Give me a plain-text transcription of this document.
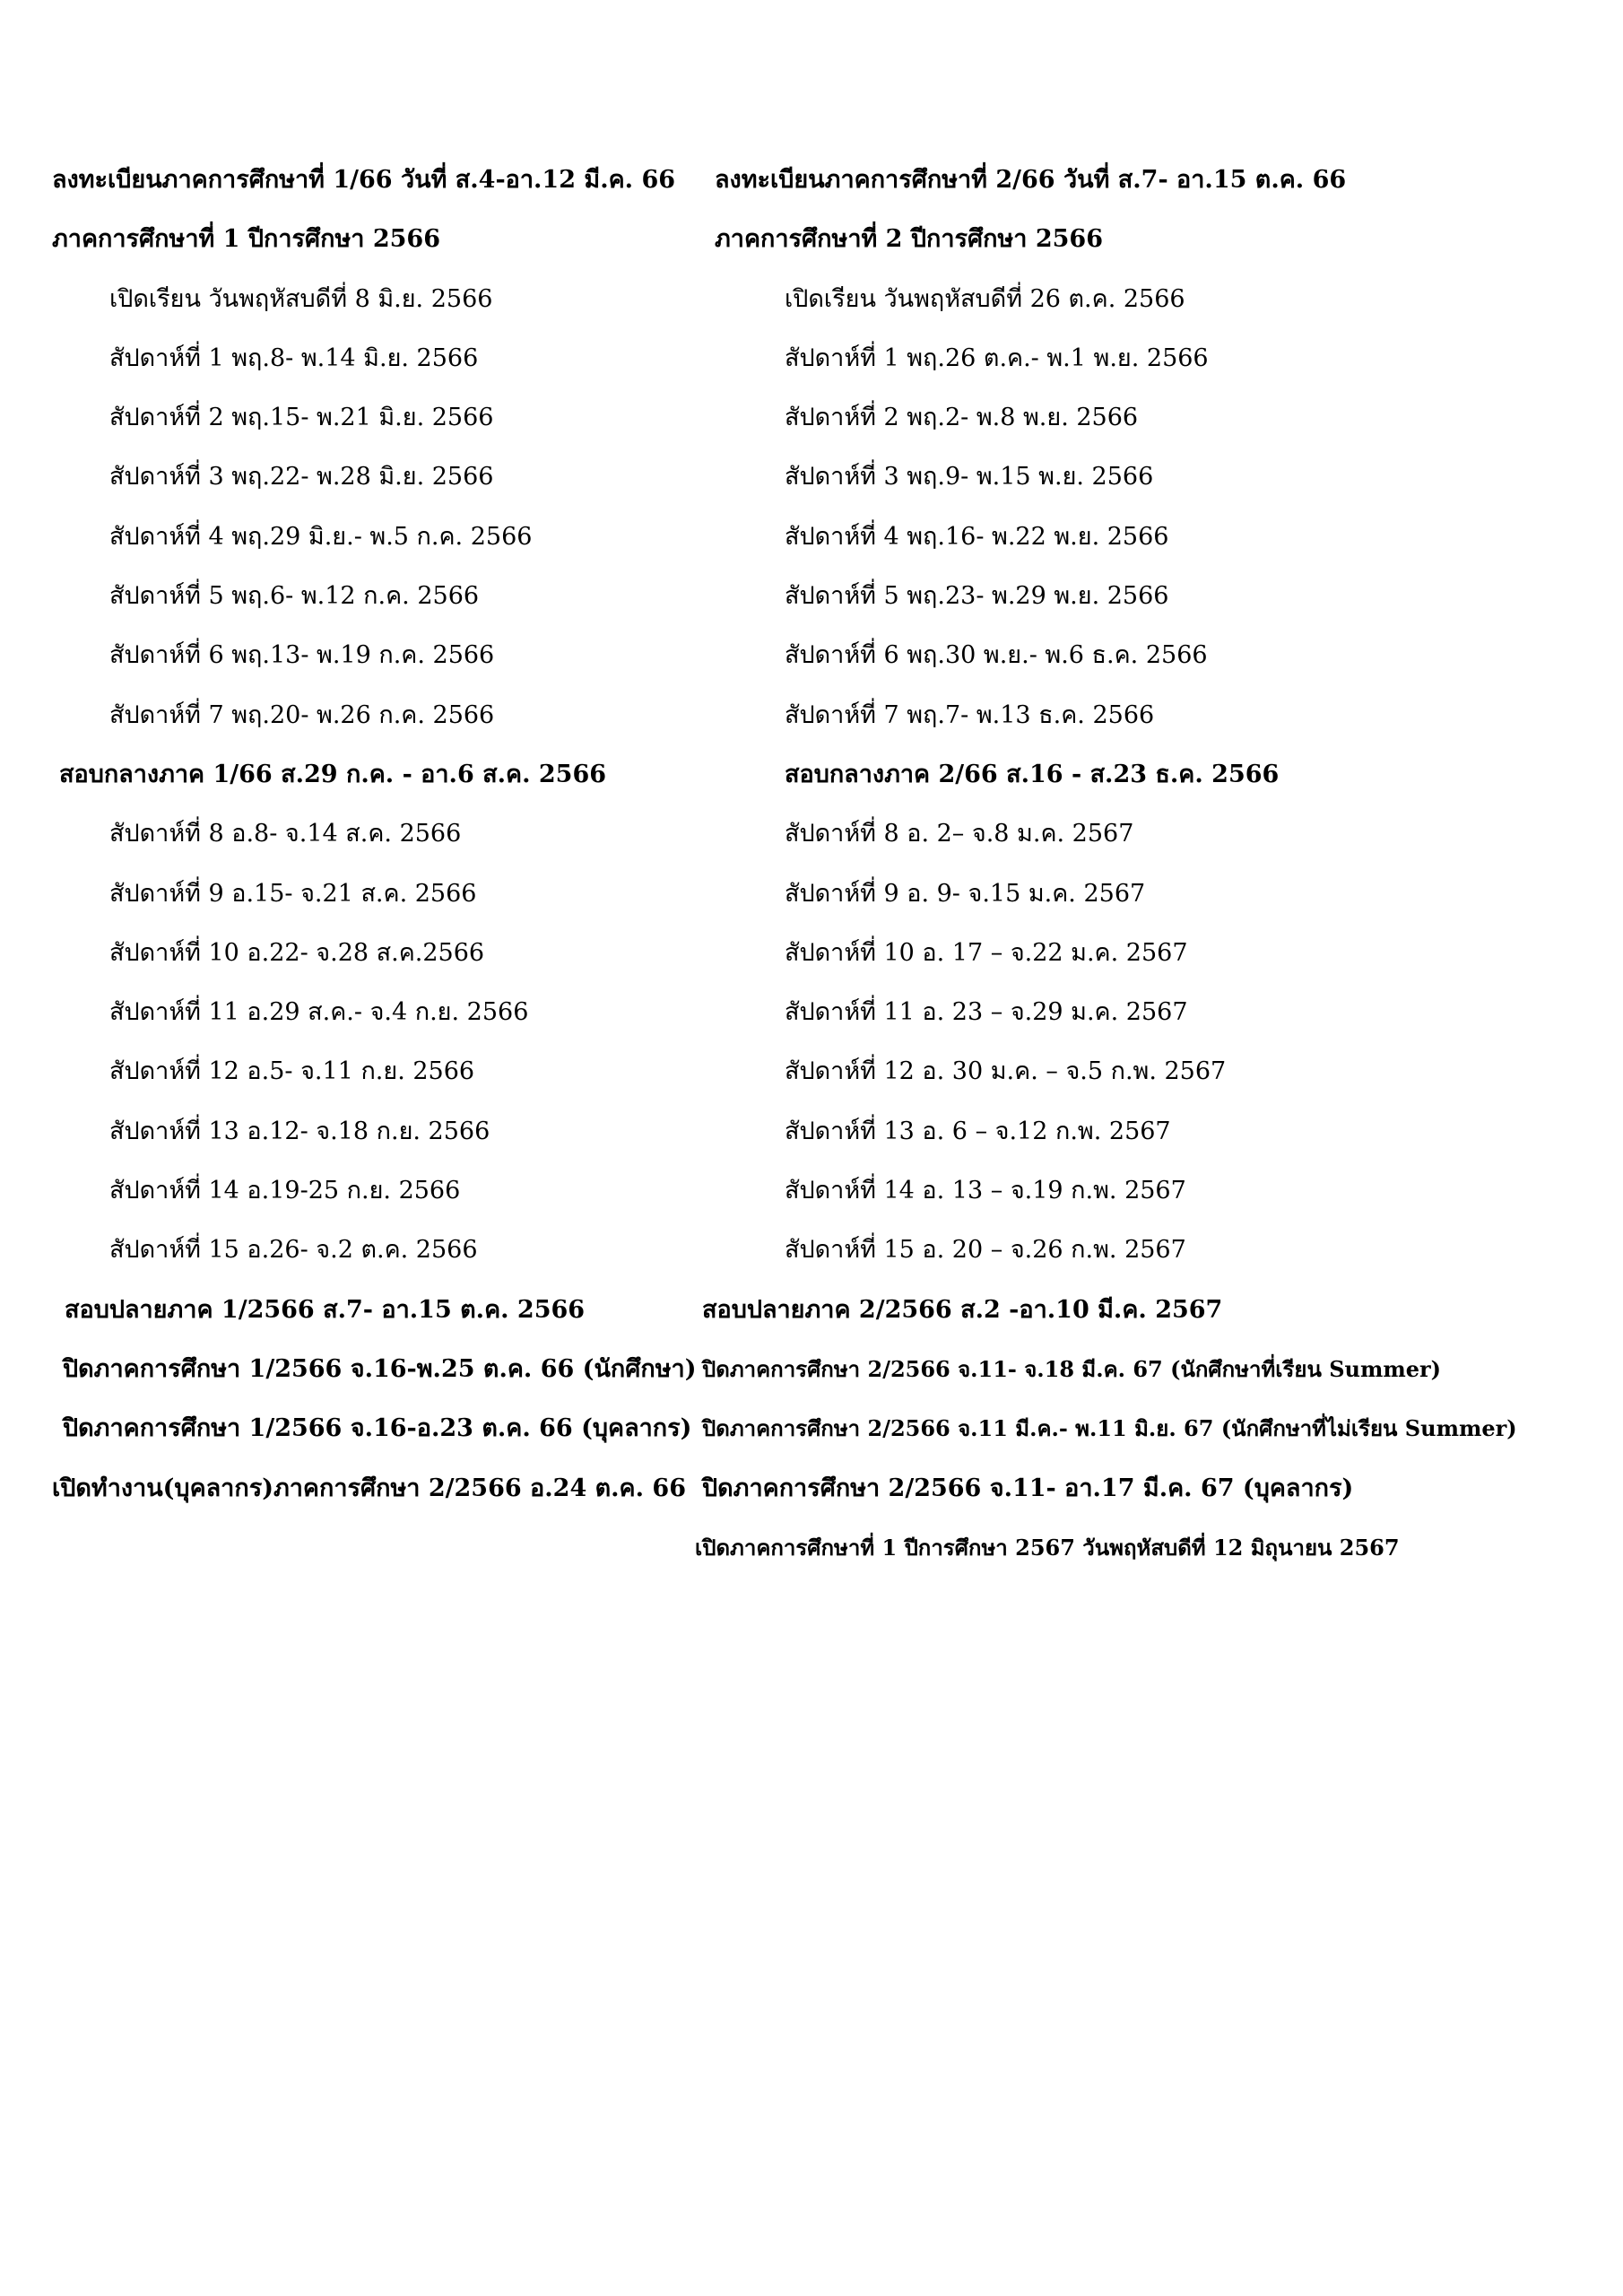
ลงทะเบียนภาคการศึกษาที่ 1/66 วันที่ ส.4-อา.12 มี.ค. 66
ภาคการศึกษาที่ 1 ปีการศึกษา 2566
เปิดเรียน วันพฤหัสบดีที่ 8 มิ.ย. 2566
สัปดาห์ที่ 1 พฤ.8- พ.14 มิ.ย. 2566
สัปดาห์ที่ 2 พฤ.15- พ.21 มิ.ย. 2566
สัปดาห์ที่ 3 พฤ.22- พ.28 มิ.ย. 2566
สัปดาห์ที่ 4 พฤ.29 มิ.ย.- พ.5 ก.ค. 2566
สัปดาห์ที่ 5 พฤ.6- พ.12 ก.ค. 2566
สัปดาห์ที่ 6 พฤ.13- พ.19 ก.ค. 2566
สัปดาห์ที่ 7 พฤ.20- พ.26 ก.ค. 2566
สอบกลางภาค 1/66 ส.29 ก.ค. - อา.6 ส.ค. 2566
สัปดาห์ที่ 8 อ.8- จ.14 ส.ค. 2566
สัปดาห์ที่ 9 อ.15- จ.21 ส.ค. 2566
สัปดาห์ที่ 10 อ.22- จ.28 ส.ค.2566
สัปดาห์ที่ 11 อ.29 ส.ค.- จ.4 ก.ย. 2566
สัปดาห์ที่ 12 อ.5- จ.11 ก.ย. 2566
สัปดาห์ที่ 13 อ.12- จ.18 ก.ย. 2566
สัปดาห์ที่ 14 อ.19-25 ก.ย. 2566
สัปดาห์ที่ 15 อ.26- จ.2 ต.ค. 2566
สอบปลายภาค 1/2566 ส.7- อา.15 ต.ค. 2566
ปิดภาคการศึกษา 1/2566 จ.16-พ.25 ต.ค. 66 (นักศึกษา)
ปิดภาคการศึกษา 1/2566 จ.16-อ.23 ต.ค. 66 (บุคลากร)
เปิดทำงาน(บุคลากร)ภาคการศึกษา 2/2566 อ.24 ต.ค. 66
ลงทะเบียนภาคการศึกษาที่ 2/66 วันที่ ส.7- อา.15 ต.ค. 66
ภาคการศึกษาที่ 2 ปีการศึกษา 2566
เปิดเรียน วันพฤหัสบดีที่ 26 ต.ค. 2566
สัปดาห์ที่ 1 พฤ.26 ต.ค.- พ.1 พ.ย. 2566
สัปดาห์ที่ 2 พฤ.2- พ.8 พ.ย. 2566
สัปดาห์ที่ 3 พฤ.9- พ.15 พ.ย. 2566
สัปดาห์ที่ 4 พฤ.16- พ.22 พ.ย. 2566
สัปดาห์ที่ 5 พฤ.23- พ.29 พ.ย. 2566
สัปดาห์ที่ 6 พฤ.30 พ.ย.- พ.6 ธ.ค. 2566
สัปดาห์ที่ 7 พฤ.7- พ.13 ธ.ค. 2566
สอบกลางภาค 2/66 ส.16 - ส.23 ธ.ค. 2566
สัปดาห์ที่ 8 อ. 2– จ.8 ม.ค. 2567
สัปดาห์ที่ 9 อ. 9- จ.15 ม.ค. 2567
สัปดาห์ที่ 10 อ. 17 – จ.22 ม.ค. 2567
สัปดาห์ที่ 11 อ. 23 – จ.29 ม.ค. 2567
สัปดาห์ที่ 12 อ. 30 ม.ค. – จ.5 ก.พ. 2567
สัปดาห์ที่ 13 อ. 6 – จ.12 ก.พ. 2567
สัปดาห์ที่ 14 อ. 13 – จ.19 ก.พ. 2567
สัปดาห์ที่ 15 อ. 20 – จ.26 ก.พ. 2567
สอบปลายภาค 2/2566 ส.2 -อา.10 มี.ค. 2567
ปิดภาคการศึกษา 2/2566 จ.11- จ.18 มี.ค. 67 (นักศึกษาที่เรียน Summer)
ปิดภาคการศึกษา 2/2566 จ.11 มี.ค.- พ.11 มิ.ย. 67 (นักศึกษาที่ไม่เรียน Summer)
ปิดภาคการศึกษา 2/2566 จ.11- อา.17 มี.ค. 67 (บุคลากร)
เปิดภาคการศึกษาที่ 1 ปีการศึกษา 2567 วันพฤหัสบดีที่ 12 มิถุนายน 2567
